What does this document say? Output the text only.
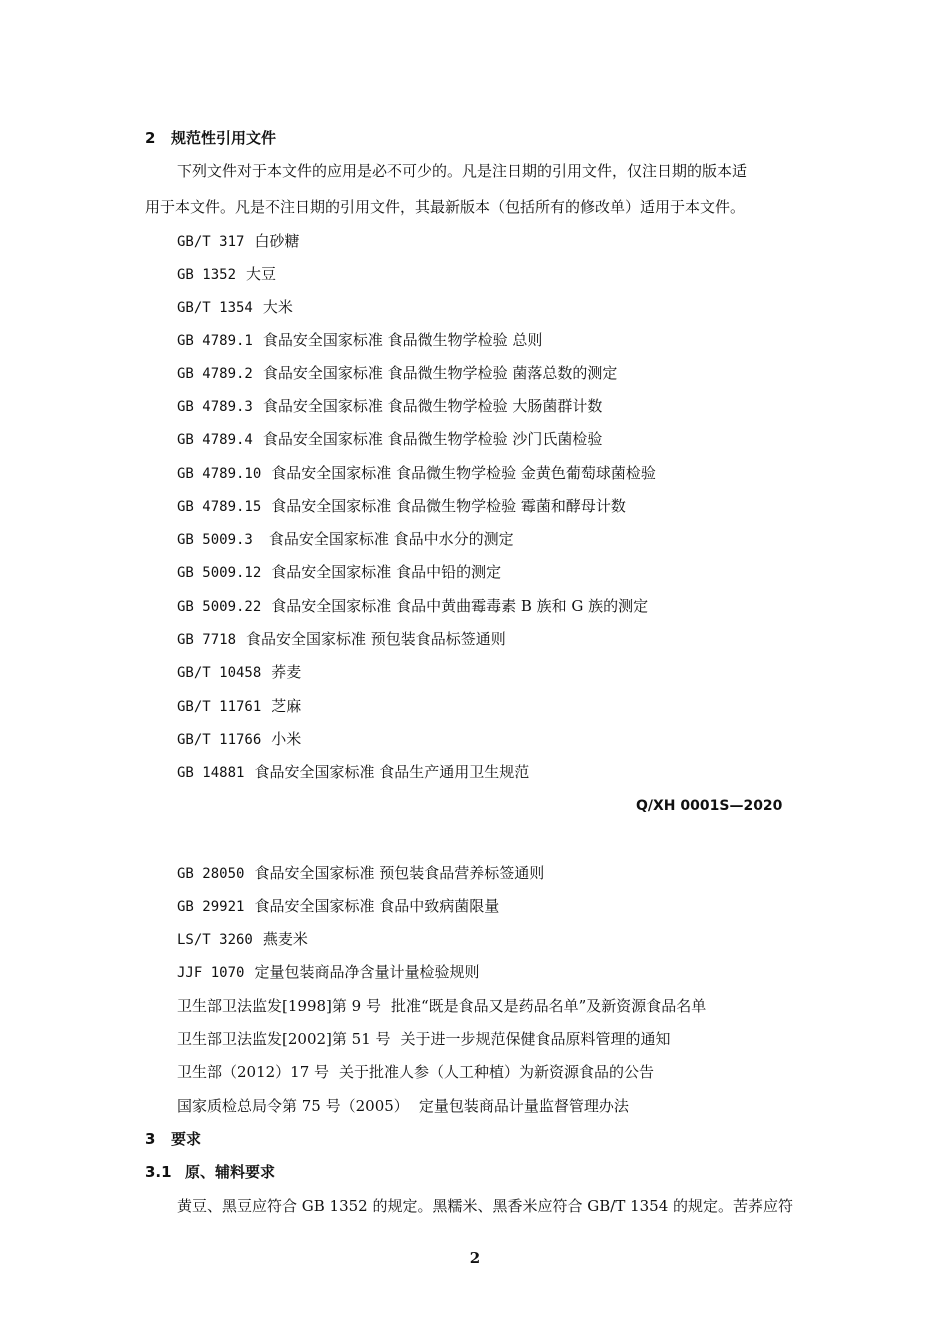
2 规范性引用文件
下列文件对于本文件的应用是必不可少的。凡是注日期的引用文件，仅注日期的版本适
用于本文件。凡是不注日期的引用文件，其最新版本（包括所有的修改单）适用于本文件。
GB/T 317 白砂糖
GB 1352 大豆
GB/T 1354 大米
GB 4789.1 食品安全国家标准 食品微生物学检验 总则
GB 4789.2 食品安全国家标准 食品微生物学检验 菌落总数的测定
GB 4789.3 食品安全国家标准 食品微生物学检验 大肠菌群计数
GB 4789.4 食品安全国家标准 食品微生物学检验 沙门氏菌检验
GB 4789.10 食品安全国家标准 食品微生物学检验 金黄色葡萄球菌检验
GB 4789.15 食品安全国家标准 食品微生物学检验 霉菌和酵母计数
GB 5009.3 食品安全国家标准 食品中水分的测定
GB 5009.12 食品安全国家标准 食品中铅的测定
GB 5009.22 食品安全国家标准 食品中黄曲霉毒素 B 族和 G 族的测定
GB 7718 食品安全国家标准 预包装食品标签通则
GB/T 10458 荞麦
GB/T 11761 芝麻
GB/T 11766 小米
GB 14881 食品安全国家标准 食品生产通用卫生规范
Q/XH 0001S—2020
GB 28050 食品安全国家标准 预包装食品营养标签通则
GB 29921 食品安全国家标准 食品中致病菌限量
LS/T 3260 燕麦米
JJF 1070 定量包装商品净含量计量检验规则
卫生部卫法监发[1998]第 9 号 批准“既是食品又是药品名单”及新资源食品名单
卫生部卫法监发[2002]第 51 号 关于进一步规范保健食品原料管理的通知
卫生部（2012）17 号 关于批准人参（人工种植）为新资源食品的公告
国家质检总局令第 75 号（2005） 定量包装商品计量监督管理办法
3 要求
3.1 原、辅料要求
黄豆、黑豆应符合 GB 1352 的规定。黑糯米、黑香米应符合 GB/T 1354 的规定。苦荞应符
2
